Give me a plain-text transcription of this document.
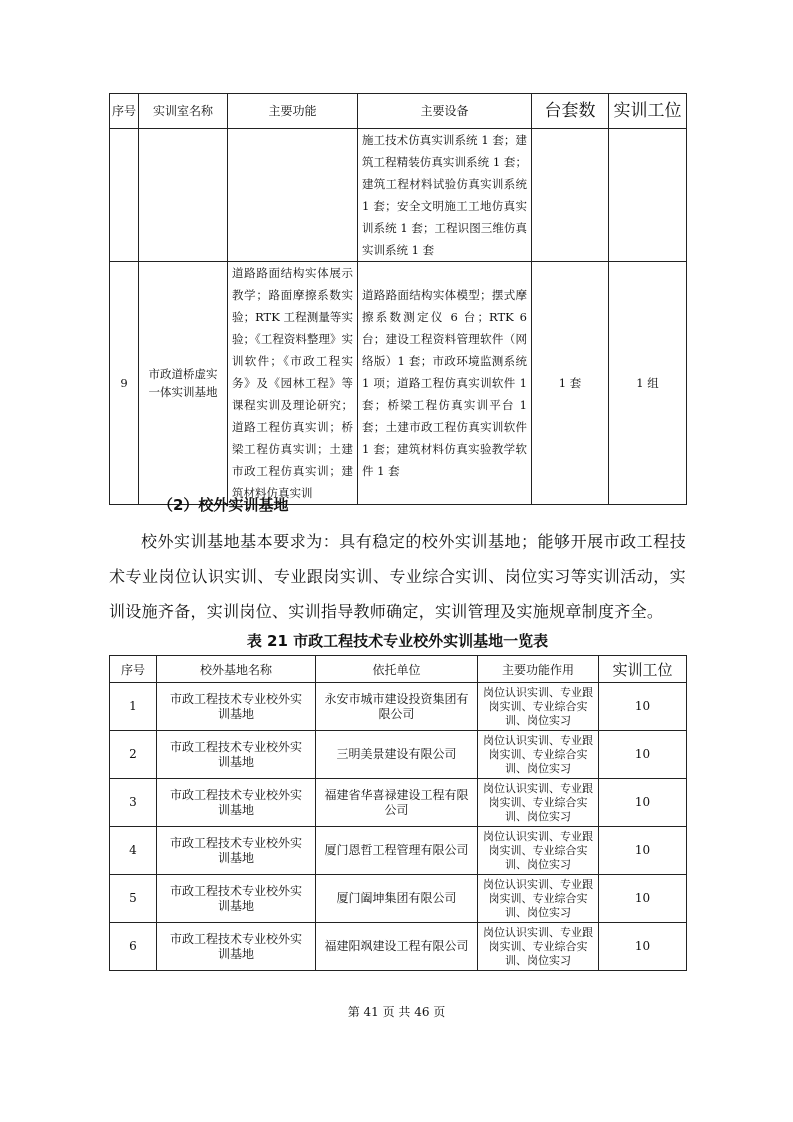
序号	实训室名称	主要功能	主要设备	台套数	实训工位
			施工技术仿真实训系统 1 套；建筑工程精装仿真实训系统 1 套；建筑工程材料试验仿真实训系统 1 套；安全文明施工工地仿真实训系统 1 套；工程识图三维仿真实训系统 1 套		
9	市政道桥虚实一体实训基地	道路路面结构实体展示教学；路面摩擦系数实验；RTK 工程测量等实验；《工程资料整理》实训软件；《市政工程实务》及《园林工程》等课程实训及理论研究；道路工程仿真实训；桥梁工程仿真实训；土建市政工程仿真实训；建筑材料仿真实训	道路路面结构实体模型；摆式摩擦系数测定仪 6 台；RTK 6 台；建设工程资料管理软件（网络版）1 套；市政环境监测系统 1 项；道路工程仿真实训软件 1 套；桥梁工程仿真实训平台 1 套；土建市政工程仿真实训软件 1 套；建筑材料仿真实验教学软件 1 套	1 套	1 组
（2）校外实训基地
校外实训基地基本要求为：具有稳定的校外实训基地；能够开展市政工程技术专业岗位认识实训、专业跟岗实训、专业综合实训、岗位实习等实训活动，实训设施齐备，实训岗位、实训指导教师确定，实训管理及实施规章制度齐全。
表 21 市政工程技术专业校外实训基地一览表
序号	校外基地名称	依托单位	主要功能作用	实训工位
1	市政工程技术专业校外实训基地	永安市城市建设投资集团有限公司	岗位认识实训、专业跟岗实训、专业综合实训、岗位实习	10
2	市政工程技术专业校外实训基地	三明美景建设有限公司	岗位认识实训、专业跟岗实训、专业综合实训、岗位实习	10
3	市政工程技术专业校外实训基地	福建省华喜禄建设工程有限公司	岗位认识实训、专业跟岗实训、专业综合实训、岗位实习	10
4	市政工程技术专业校外实训基地	厦门恩哲工程管理有限公司	岗位认识实训、专业跟岗实训、专业综合实训、岗位实习	10
5	市政工程技术专业校外实训基地	厦门阖坤集团有限公司	岗位认识实训、专业跟岗实训、专业综合实训、岗位实习	10
6	市政工程技术专业校外实训基地	福建阳飒建设工程有限公司	岗位认识实训、专业跟岗实训、专业综合实训、岗位实习	10
第 41 页 共 46 页
